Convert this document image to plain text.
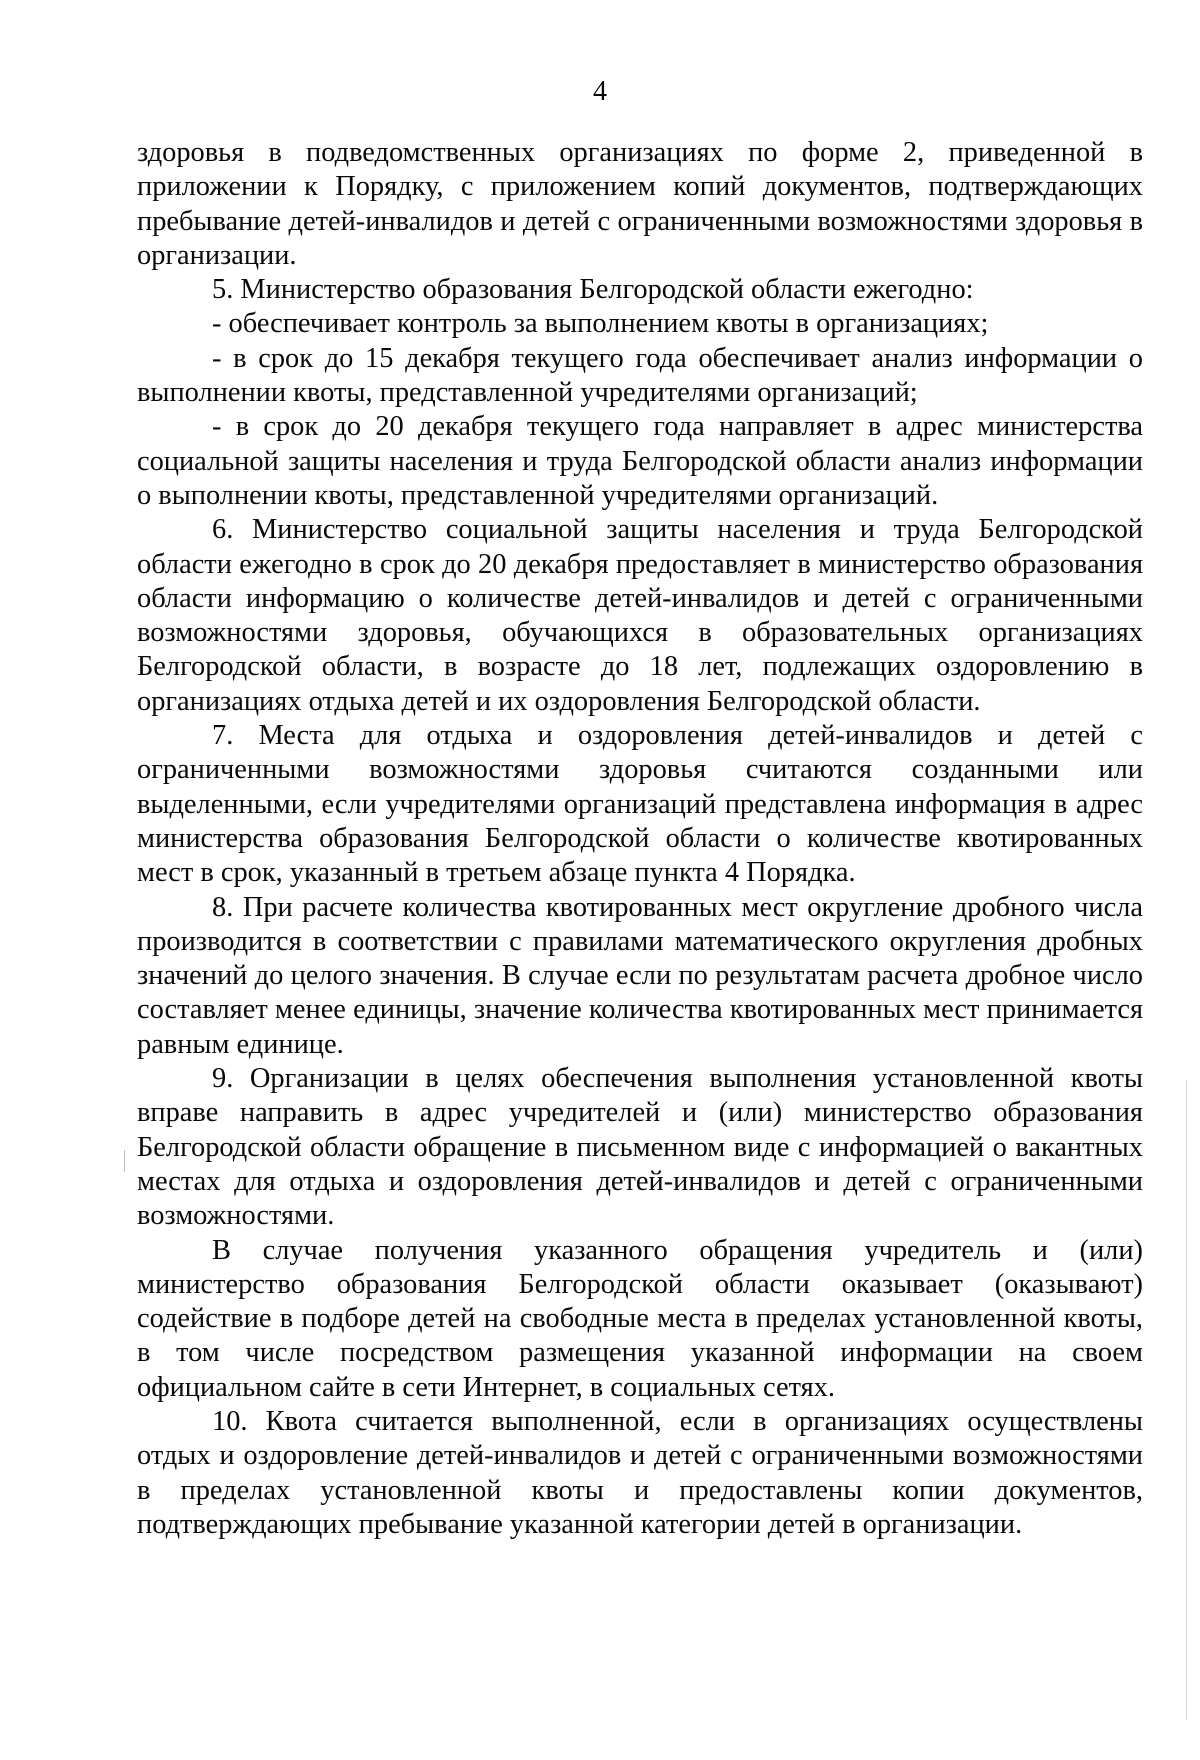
4

здоровья в подведомственных организациях по форме 2, приведенной в приложении к Порядку, с приложением копий документов, подтверждающих пребывание детей-инвалидов и детей с ограниченными возможностями здоровья в организации.

5. Министерство образования Белгородской области ежегодно:

- обеспечивает контроль за выполнением квоты в организациях;

- в срок до 15 декабря текущего года обеспечивает анализ информации о выполнении квоты, представленной учредителями организаций;

- в срок до 20 декабря текущего года направляет в адрес министерства социальной защиты населения и труда Белгородской области анализ информации о выполнении квоты, представленной учредителями организаций.

6. Министерство социальной защиты населения и труда Белгородской области ежегодно в срок до 20 декабря предоставляет в министерство образования области информацию о количестве детей-инвалидов и детей с ограниченными возможностями здоровья, обучающихся в образовательных организациях Белгородской области, в возрасте до 18 лет, подлежащих оздоровлению в организациях отдыха детей и их оздоровления Белгородской области.

7. Места для отдыха и оздоровления детей-инвалидов и детей с ограниченными возможностями здоровья считаются созданными или выделенными, если учредителями организаций представлена информация в адрес министерства образования Белгородской области о количестве квотированных мест в срок, указанный в третьем абзаце пункта 4 Порядка.

8. При расчете количества квотированных мест округление дробного числа производится в соответствии с правилами математического округления дробных значений до целого значения. В случае если по результатам расчета дробное число составляет менее единицы, значение количества квотированных мест принимается равным единице.

9. Организации в целях обеспечения выполнения установленной квоты вправе направить в адрес учредителей и (или) министерство образования Белгородской области обращение в письменном виде с информацией о вакантных местах для отдыха и оздоровления детей-инвалидов и детей с ограниченными возможностями.

В случае получения указанного обращения учредитель и (или) министерство образования Белгородской области оказывает (оказывают) содействие в подборе детей на свободные места в пределах установленной квоты, в том числе посредством размещения указанной информации на своем официальном сайте в сети Интернет, в социальных сетях.

10. Квота считается выполненной, если в организациях осуществлены отдых и оздоровление детей-инвалидов и детей с ограниченными возможностями в пределах установленной квоты и предоставлены копии документов, подтверждающих пребывание указанной категории детей в организации.
